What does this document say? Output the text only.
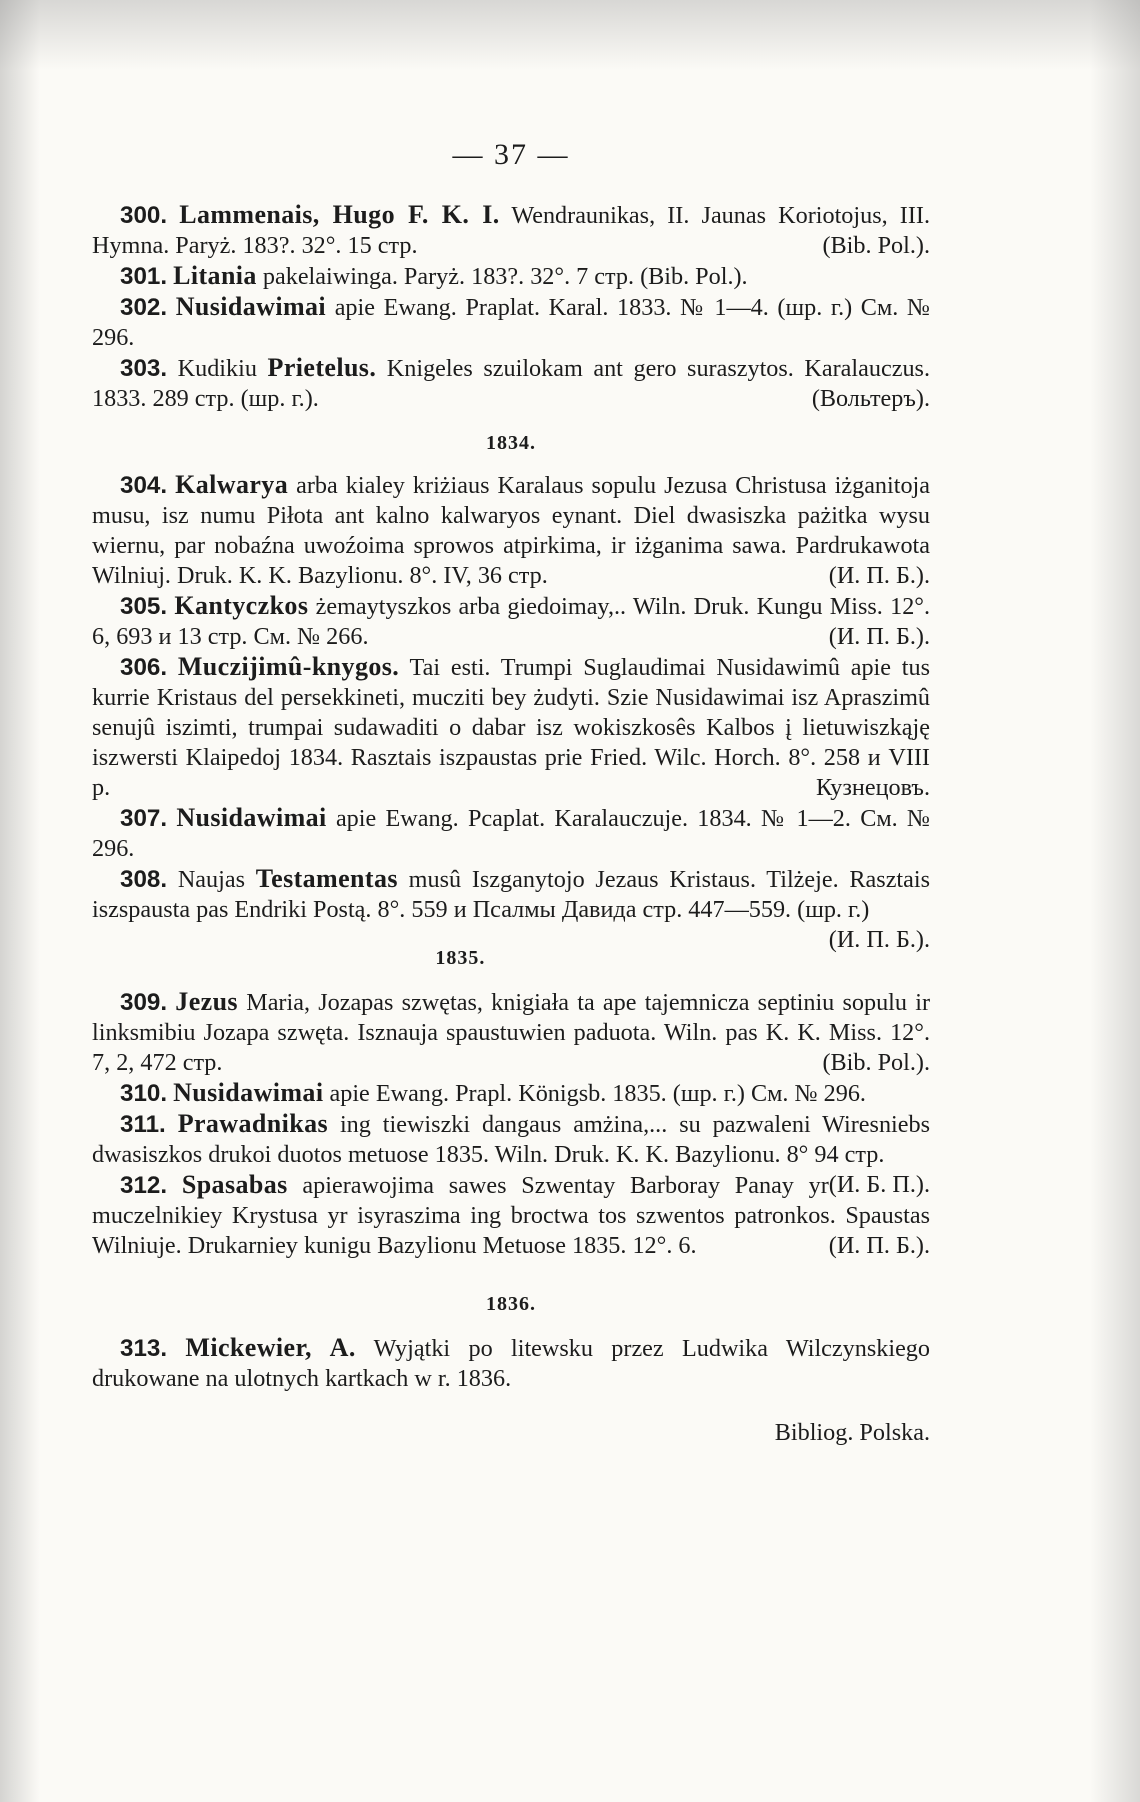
— 37 —

300. Lammenais, Hugo F. K. I. Wendraunikas, II. Jaunas Koriotojus, III. Hymna. Paryż. 183?. 32°. 15 стр.	(Bib. Pol.).

301. Litania pakelaiwinga. Paryż. 183?. 32°. 7 стр. (Bib. Pol.).

302. Nusidawimai apie Ewang. Praplat. Karal. 1833. № 1—4. (шр. г.) См. № 296.

303. Kudikiu Prietelus. Knigeles szuilokam ant gero suraszytos. Karalauczus. 1833. 289 стр. (шр. г.).	(Вольтеръ).

1834.

304. Kalwarya arba kialey kriżiaus Karalaus sopulu Jezusa Christusa iżganitoja musu, isz numu Piłota ant kalno kalwaryos eynant. Diel dwasiszka pażitka wysu wiernu, par nobaźna uwoźoima sprowos atpirkima, ir iżganima sawa. Pardrukawota Wilniuj. Druk. K. K. Bazylionu. 8°. IV, 36 стр.	(И. П. Б.).

305. Kantyczkos żemaytyszkos arba giedoimay,.. Wiln. Druk. Kungu Miss. 12°. 6, 693 и 13 стр. См. № 266.	(И. П. Б.).

306. Muczijimû-knygos. Tai esti. Trumpi Suglaudimai Nusidawimû apie tus kurrie Kristaus del persekkineti, mucziti bey żudyti. Szie Nusidawimai isz Apraszimû senujû iszimti, trumpai sudawaditi o dabar isz wokiszkosês Kalbos į lietuwiszkąję iszwersti Klaipedoj 1834. Rasztais iszpaustas prie Fried. Wilc. Horch. 8°. 258 и VIII p.	Кузнецовъ.

307. Nusidawimai apie Ewang. Pcaplat. Karalauczuje. 1834. № 1—2. См. № 296.

308. Naujas Testamentas musû Iszganytojo Jezaus Kristaus. Tilżeje. Rasztais iszspausta pas Endriki Postą. 8°. 559 и Псалмы Давида стр. 447—559. (шр. г.)
(И. П. Б.).

1835.

309. Jezus Maria, Jozapas szwętas, knigiała ta ape tajemnicza septiniu sopulu ir linksmibiu Jozapa szwęta. Isznauja spaustuwien paduota. Wiln. pas K. K. Miss. 12°. 7, 2, 472 стр.	(Bib. Pol.).

310. Nusidawimai apie Ewang. Prapl. Königsb. 1835. (шр. г.) См. № 296.

311. Prawadnikas ing tiewiszki dangaus amżina,... su pazwaleni Wiresniebs dwasiszkos drukoi duotos metuose 1835. Wiln. Druk. K. K. Bazylionu. 8° 94 стр.
(И. Б. П.).

312. Spasabas apierawojima sawes Szwentay Barboray Panay yr muczelnikiey Krystusa yr isyraszima ing broctwa tos szwentos patronkos. Spaustas Wilniuje. Drukarniey kunigu Bazylionu Metuose 1835. 12°. 6.	(И. П. Б.).

1836.

313. Mickewier, A. Wyjątki po litewsku przez Ludwika Wilczynskiego drukowane na ulotnych kartkach w r. 1836.

Bibliog. Polska.
